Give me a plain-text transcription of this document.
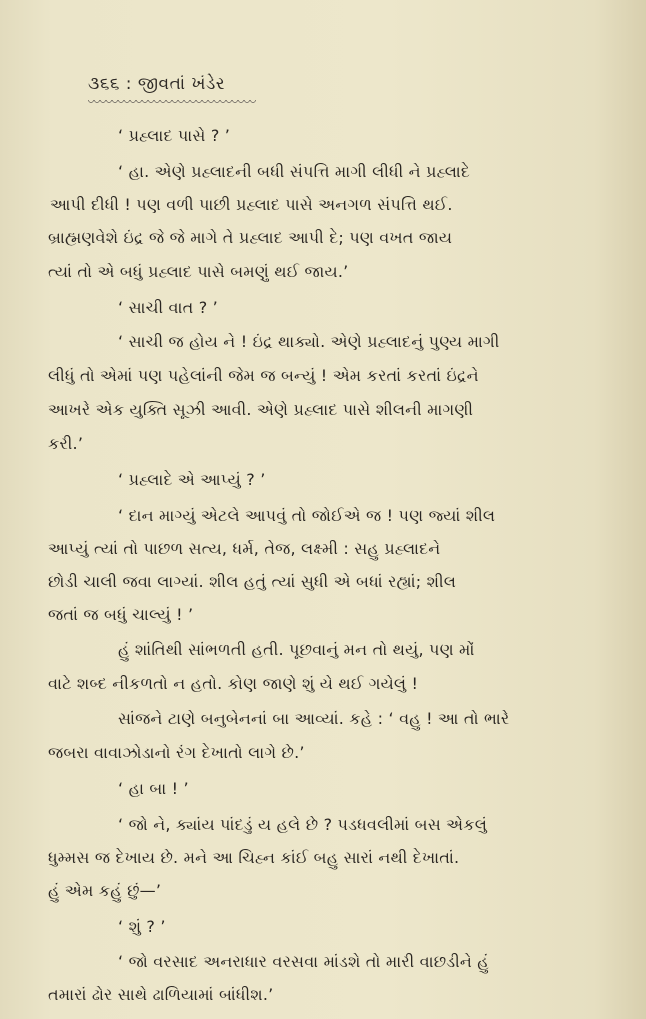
૩૬૬ : જીવતાં ખંડેર
‘ પ્રહ્લાદ પાસે ? ’
‘ હા. એણે પ્રહ્લાદની બધી સંપત્તિ માગી લીધી ને પ્રહ્લાદે
આપી દીધી ! પણ વળી પાછી પ્રહ્લાદ પાસે અનગળ સંપત્તિ થઈ.
બ્રાહ્મણવેશે ઇંદ્ર જે જે માગે તે પ્રહ્લાદ આપી દે; પણ વખત જાય
ત્યાં તો એ બધું પ્રહ્લાદ પાસે બમણું થઈ જાય.’
‘ સાચી વાત ? ’
‘ સાચી જ હોય ને ! ઇંદ્ર થાક્યો. એણે પ્રહ્લાદનું પુણ્ય માગી
લીધું તો એમાં પણ પહેલાંની જેમ જ બન્યું ! એમ કરતાં કરતાં ઇંદ્રને
આખરે એક યુક્તિ સૂઝી આવી. એણે પ્રહ્લાદ પાસે શીલની માગણી
કરી.’
‘ પ્રહ્લાદે એ આપ્યું ? ’
‘ દાન માગ્યું એટલે આપવું તો જોઈએ જ ! પણ જ્યાં શીલ
આપ્યું ત્યાં તો પાછળ સત્ય, ધર્મ, તેજ, લક્ષ્મી : સહુ પ્રહ્લાદને
છોડી ચાલી જવા લાગ્યાં. શીલ હતું ત્યાં સુધી એ બધાં રહ્યાં; શીલ
જતાં જ બધું ચાલ્યું ! ’
હું શાંતિથી સાંભળતી હતી. પૂછવાનું મન તો થયું, પણ મોં
વાટે શબ્દ નીકળતો ન હતો. કોણ જાણે શું યે થઈ ગયેલું !
સાંજને ટાણે બનુબેનનાં બા આવ્યાં. કહે : ‘ વહુ ! આ તો ભારે
જબરા વાવાઝોડાનો રંગ દેખાતો લાગે છે.’
‘ હા બા ! ’
‘ જો ને, ક્યાંય પાંદડું ય હલે છે ? પડધવલીમાં બસ એકલું
ધુમ્મસ જ દેખાય છે. મને આ ચિહ્ન કાંઈ બહુ સારાં નથી દેખાતાં.
હું એમ કહું છું—’
‘ શું ? ’
‘ જો વરસાદ અનરાધાર વરસવા માંડશે તો મારી વાછડીને હું
તમારાં ઢોર સાથે ઢાળિયામાં બાંધીશ.’
